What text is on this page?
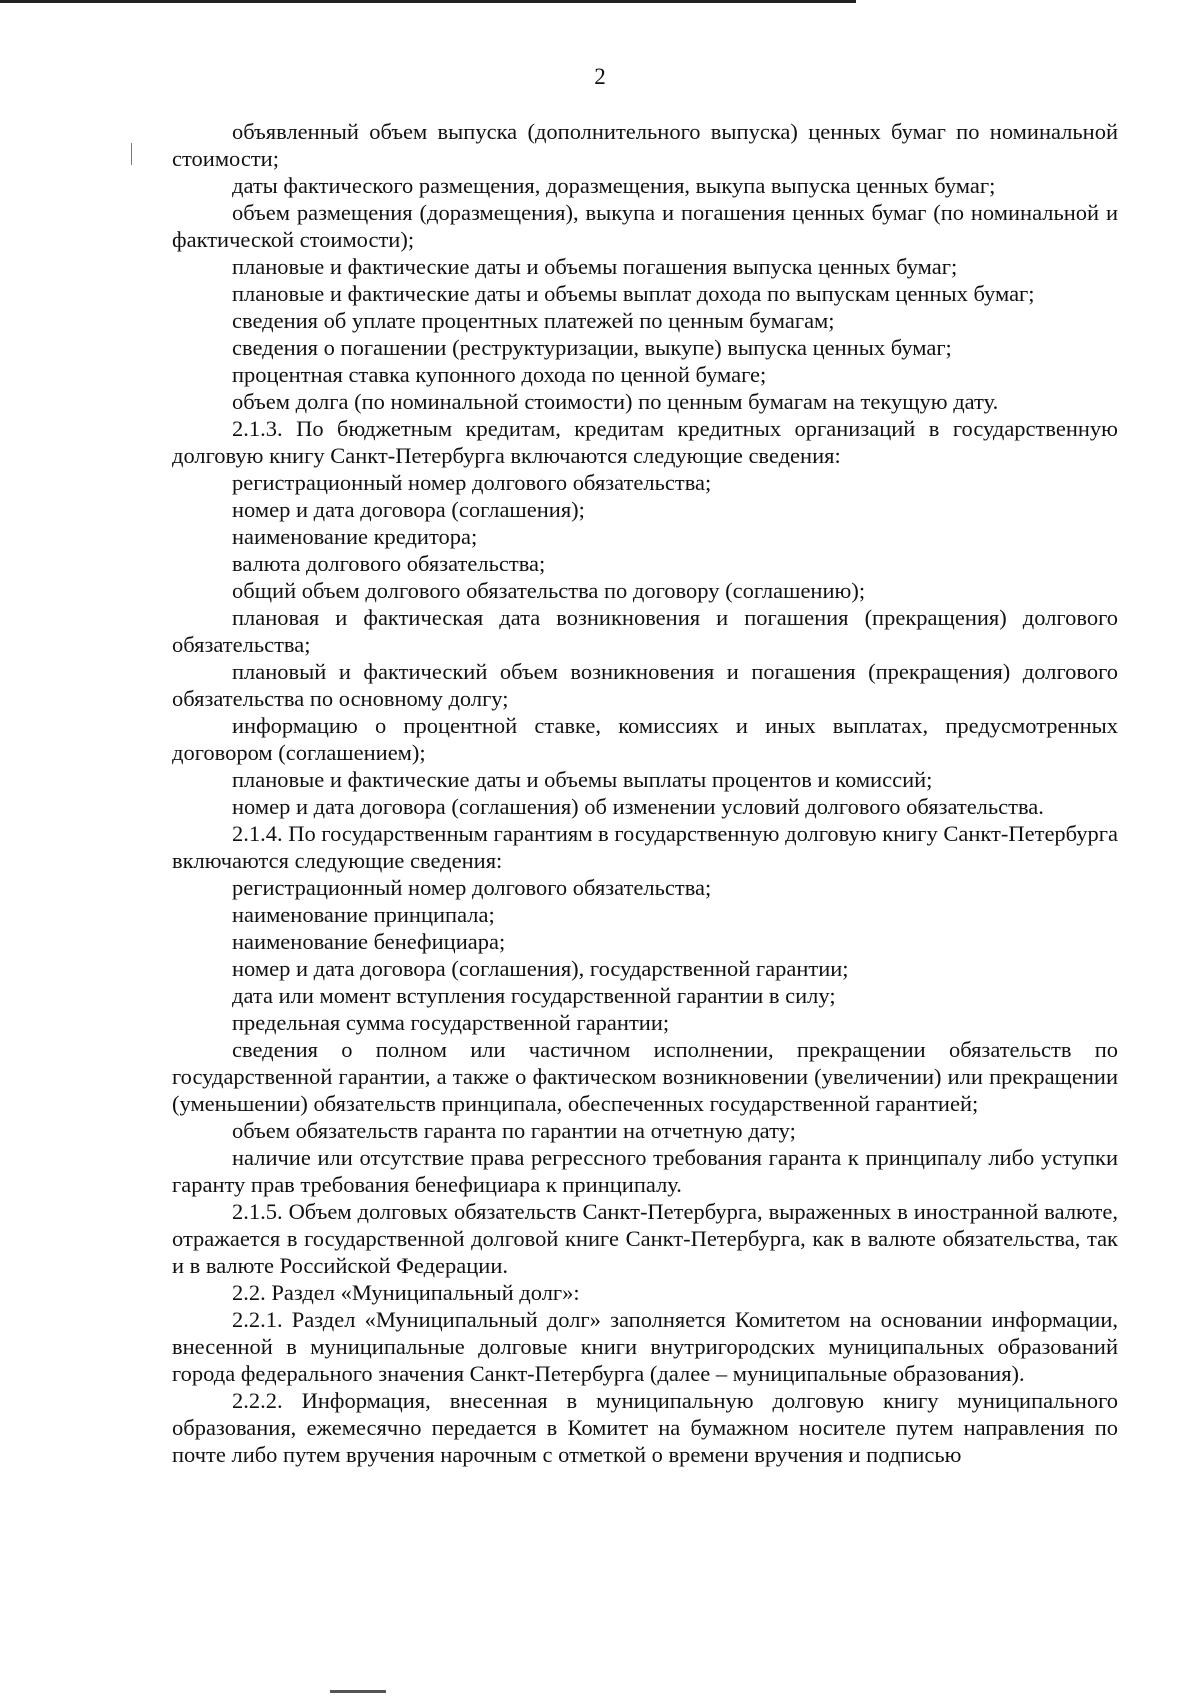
2

объявленный объем выпуска (дополнительного выпуска) ценных бумаг по номинальной стоимости;

даты фактического размещения, доразмещения, выкупа выпуска ценных бумаг;

объем размещения (доразмещения), выкупа и погашения ценных бумаг (по номинальной и фактической стоимости);

плановые и фактические даты и объемы погашения выпуска ценных бумаг;

плановые и фактические даты и объемы выплат дохода по выпускам ценных бумаг;

сведения об уплате процентных платежей по ценным бумагам;

сведения о погашении (реструктуризации, выкупе) выпуска ценных бумаг;

процентная ставка купонного дохода по ценной бумаге;

объем долга (по номинальной стоимости) по ценным бумагам на текущую дату.

2.1.3. По бюджетным кредитам, кредитам кредитных организаций в государственную долговую книгу Санкт-Петербурга включаются следующие сведения:

регистрационный номер долгового обязательства;

номер и дата договора (соглашения);

наименование кредитора;

валюта долгового обязательства;

общий объем долгового обязательства по договору (соглашению);

плановая и фактическая дата возникновения и погашения (прекращения) долгового обязательства;

плановый и фактический объем возникновения и погашения (прекращения) долгового обязательства по основному долгу;

информацию о процентной ставке, комиссиях и иных выплатах, предусмотренных договором (соглашением);

плановые и фактические даты и объемы выплаты процентов и комиссий;

номер и дата договора (соглашения) об изменении условий долгового обязательства.

2.1.4. По государственным гарантиям в государственную долговую книгу Санкт-Петербурга включаются следующие сведения:

регистрационный номер долгового обязательства;

наименование принципала;

наименование бенефициара;

номер и дата договора (соглашения), государственной гарантии;

дата или момент вступления государственной гарантии в силу;

предельная сумма государственной гарантии;

сведения о полном или частичном исполнении, прекращении обязательств по государственной гарантии, а также о фактическом возникновении (увеличении) или прекращении (уменьшении) обязательств принципала, обеспеченных государственной гарантией;

объем обязательств гаранта по гарантии на отчетную дату;

наличие или отсутствие права регрессного требования гаранта к принципалу либо уступки гаранту прав требования бенефициара к принципалу.

2.1.5. Объем долговых обязательств Санкт-Петербурга, выраженных в иностранной валюте, отражается в государственной долговой книге Санкт-Петербурга, как в валюте обязательства, так и в валюте Российской Федерации.

2.2. Раздел «Муниципальный долг»:

2.2.1. Раздел «Муниципальный долг» заполняется Комитетом на основании информации, внесенной в муниципальные долговые книги внутригородских муниципальных образований города федерального значения Санкт-Петербурга (далее – муниципальные образования).

2.2.2. Информация, внесенная в муниципальную долговую книгу муниципального образования, ежемесячно передается в Комитет на бумажном носителе путем направления по почте либо путем вручения нарочным с отметкой о времени вручения и подписью
